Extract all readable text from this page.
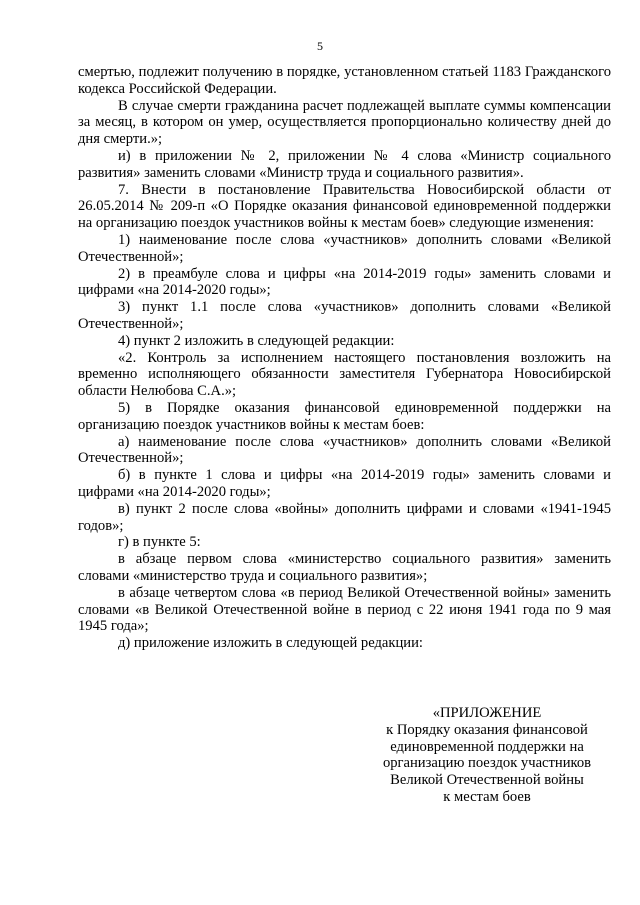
5

смертью, подлежит получению в порядке, установленном статьей 1183 Гражданского кодекса Российской Федерации.

В случае смерти гражданина расчет подлежащей выплате суммы компенсации за месяц, в котором он умер, осуществляется пропорционально количеству дней до дня смерти.»;

и) в приложении № 2, приложении № 4 слова «Министр социального развития» заменить словами «Министр труда и социального развития».

7. Внести в постановление Правительства Новосибирской области от 26.05.2014 № 209-п «О Порядке оказания финансовой единовременной поддержки на организацию поездок участников войны к местам боев» следующие изменения:

1) наименование после слова «участников» дополнить словами «Великой Отечественной»;

2) в преамбуле слова и цифры «на 2014-2019 годы» заменить словами и цифрами «на 2014-2020 годы»;

3) пункт 1.1 после слова «участников» дополнить словами «Великой Отечественной»;

4) пункт 2 изложить в следующей редакции:

«2. Контроль за исполнением настоящего постановления возложить на временно исполняющего обязанности заместителя Губернатора Новосибирской области Нелюбова С.А.»;

5) в Порядке оказания финансовой единовременной поддержки на организацию поездок участников войны к местам боев:

а) наименование после слова «участников» дополнить словами «Великой Отечественной»;

б) в пункте 1 слова и цифры «на 2014-2019 годы» заменить словами и цифрами «на 2014-2020 годы»;

в) пункт 2 после слова «войны» дополнить цифрами и словами «1941-1945 годов»;

г) в пункте 5:

в абзаце первом слова «министерство социального развития» заменить словами «министерство труда и социального развития»;

в абзаце четвертом слова «в период Великой Отечественной войны» заменить словами «в Великой Отечественной войне в период с 22 июня 1941 года по 9 мая 1945 года»;

д) приложение изложить в следующей редакции:

«ПРИЛОЖЕНИЕ
к Порядку оказания финансовой
единовременной поддержки на
организацию поездок участников
Великой Отечественной войны
к местам боев
